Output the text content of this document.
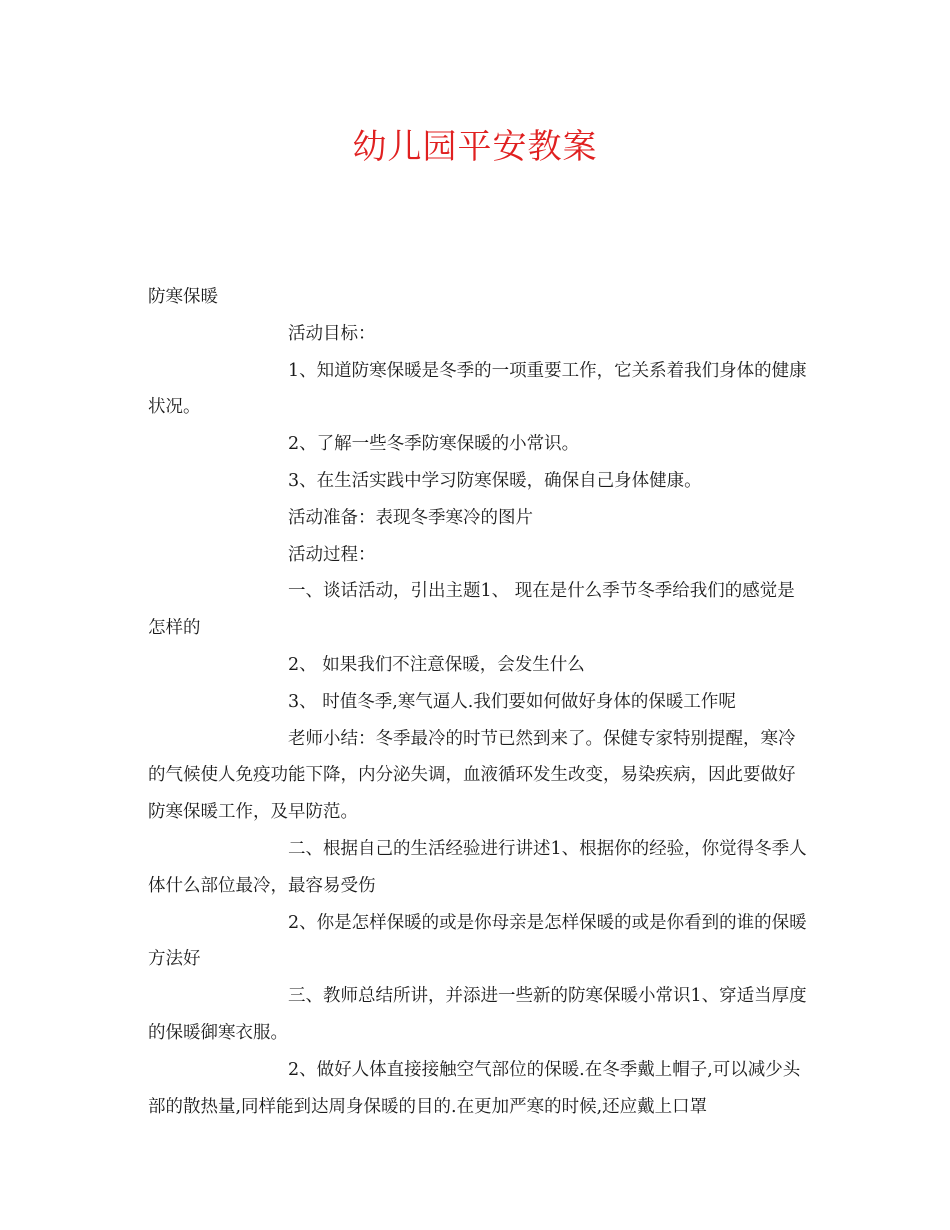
幼儿园平安教案

防寒保暖

活动目标：

1、知道防寒保暖是冬季的一项重要工作，它关系着我们身体的健康状况。

2、了解一些冬季防寒保暖的小常识。

3、在生活实践中学习防寒保暖，确保自己身体健康。

活动准备：表现冬季寒冷的图片

活动过程：

一、谈话活动，引出主题1、 现在是什么季节冬季给我们的感觉是怎样的

2、 如果我们不注意保暖，会发生什么

3、 时值冬季,寒气逼人.我们要如何做好身体的保暖工作呢

老师小结：冬季最冷的时节已然到来了。保健专家特别提醒，寒冷的气候使人免疫功能下降，内分泌失调，血液循环发生改变，易染疾病，因此要做好防寒保暖工作，及早防范。

二、根据自己的生活经验进行讲述1、根据你的经验，你觉得冬季人体什么部位最冷，最容易受伤

2、你是怎样保暖的或是你母亲是怎样保暖的或是你看到的谁的保暖方法好

三、教师总结所讲，并添进一些新的防寒保暖小常识1、穿适当厚度的保暖御寒衣服。

2、做好人体直接接触空气部位的保暖.在冬季戴上帽子,可以减少头部的散热量,同样能到达周身保暖的目的.在更加严寒的时候,还应戴上口罩
